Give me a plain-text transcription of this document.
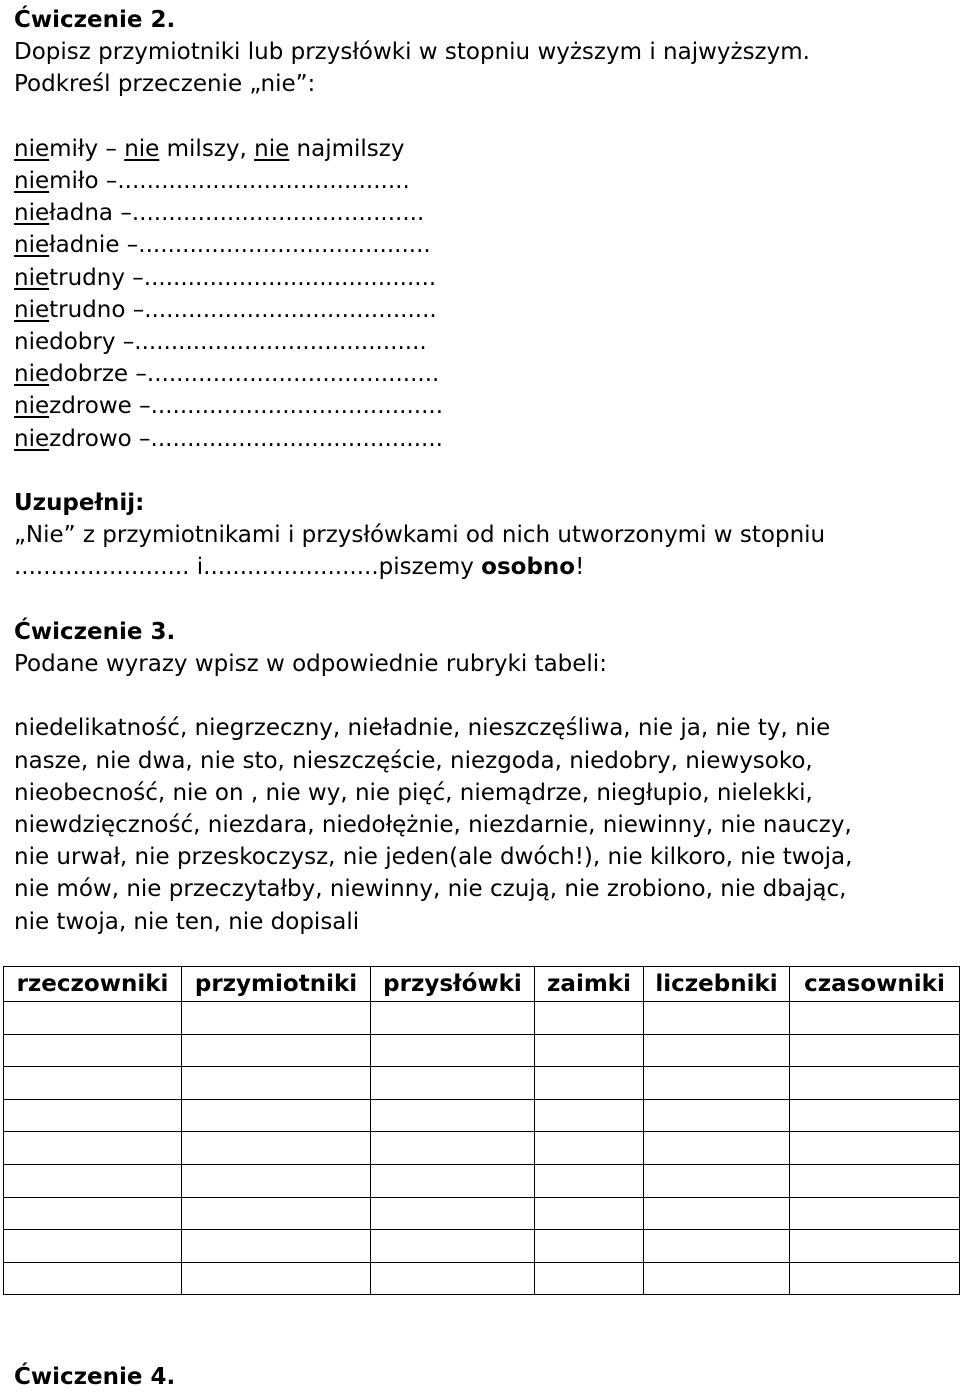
Ćwiczenie 2.

Dopisz przymiotniki lub przysłówki w stopniu wyższym i najwyższym.

Podkreśl przeczenie „nie”:

niemiły – nie milszy, nie najmilszy

niemiło –........................................

nieładna –........................................

nieładnie –........................................

nietrudny –........................................

nietrudno –........................................

niedobry –........................................

niedobrze –........................................

niezdrowe –........................................

niezdrowo –........................................

Uzupełnij:

„Nie” z przymiotnikami i przysłówkami od nich utworzonymi w stopniu

........................ i........................piszemy osobno!

Ćwiczenie 3.

Podane wyrazy wpisz w odpowiednie rubryki tabeli:

niedelikatność, niegrzeczny, nieładnie, nieszczęśliwa, nie ja, nie ty, nie nasze, nie dwa, nie sto, nieszczęście, niezgoda, niedobry, niewysoko, nieobecność, nie on , nie wy, nie pięć, niemądrze, niegłupio, nielekki, niewdzięczność, niezdara, niedołężnie, niezdarnie, niewinny, nie nauczy, nie urwał, nie przeskoczysz, nie jeden(ale dwóch!), nie kilkoro, nie twoja, nie mów, nie przeczytałby, niewinny, nie czują, nie zrobiono, nie dbając, nie twoja, nie ten, nie dopisali

rzeczowniki	przymiotniki	przysłówki	zaimki	liczebniki	czasowniki

Ćwiczenie 4.
